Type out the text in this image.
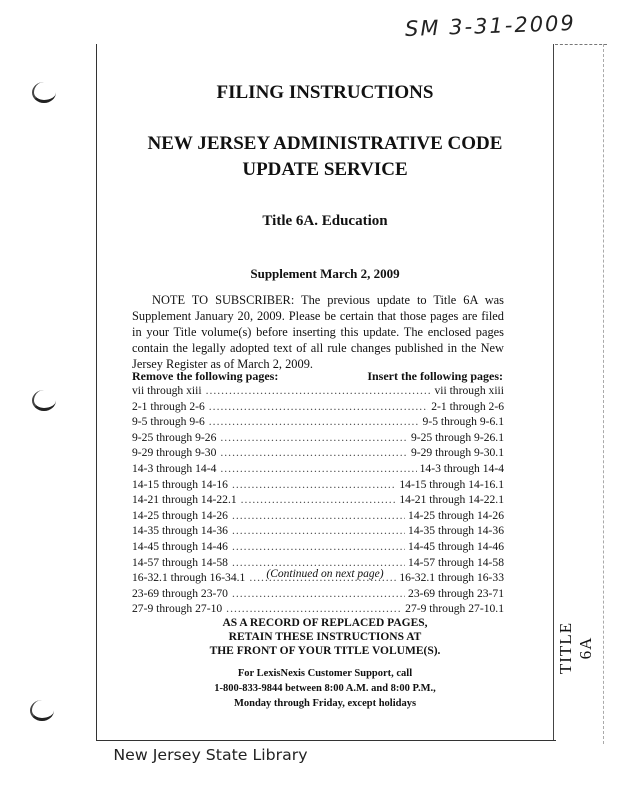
SM 3-31-2009
FILING INSTRUCTIONS
NEW JERSEY ADMINISTRATIVE CODE
UPDATE SERVICE
Title 6A. Education
Supplement March 2, 2009
NOTE TO SUBSCRIBER: The previous update to Title 6A was Supplement January 20, 2009. Please be certain that those pages are filed in your Title volume(s) before inserting this update. The enclosed pages contain the legally adopted text of all rule changes published in the New Jersey Register as of March 2, 2009.
Remove the following pages:	Insert the following pages:
vii through xiii .....	vii through xiii
2-1 through 2-6 .....	2-1 through 2-6
9-5 through 9-6 .....	9-5 through 9-6.1
9-25 through 9-26 .....	9-25 through 9-26.1
9-29 through 9-30 .....	9-29 through 9-30.1
14-3 through 14-4 .....	14-3 through 14-4
14-15 through 14-16 .....	14-15 through 14-16.1
14-21 through 14-22.1 .....	14-21 through 14-22.1
14-25 through 14-26 .....	14-25 through 14-26
14-35 through 14-36 .....	14-35 through 14-36
14-45 through 14-46 .....	14-45 through 14-46
14-57 through 14-58 .....	14-57 through 14-58
16-32.1 through 16-34.1 .....	16-32.1 through 16-33
23-69 through 23-70 .....	23-69 through 23-71
27-9 through 27-10 .....	27-9 through 27-10.1
(Continued on next page)
AS A RECORD OF REPLACED PAGES,
RETAIN THESE INSTRUCTIONS AT
THE FRONT OF YOUR TITLE VOLUME(S).
For LexisNexis Customer Support, call
1-800-833-9844 between 8:00 A.M. and 8:00 P.M.,
Monday through Friday, except holidays
TITLE 6A
New Jersey State Library
